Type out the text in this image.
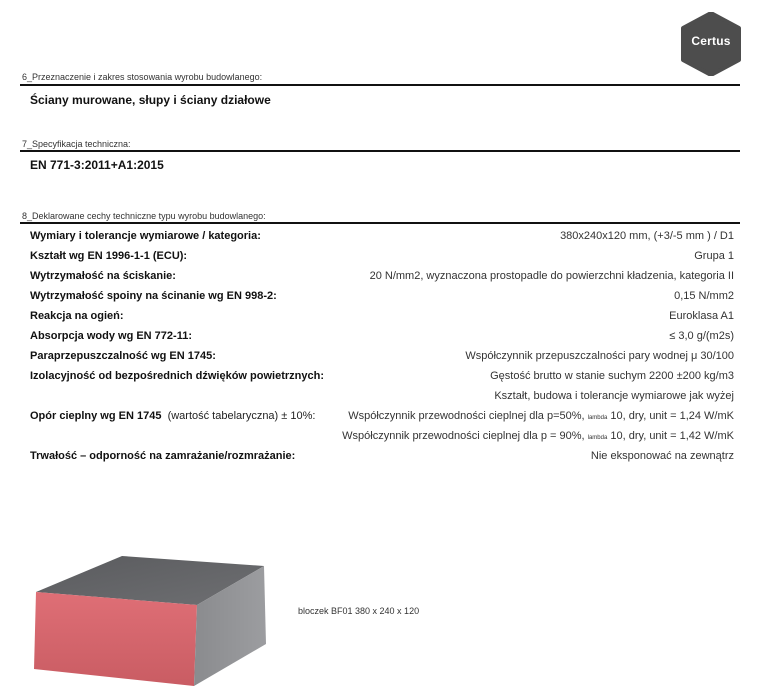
Certus
6_Przeznaczenie i zakres stosowania wyrobu budowlanego:
Ściany murowane, słupy i ściany działowe
7_Specyfikacja techniczna:
EN 771-3:2011+A1:2015
8_Deklarowane cechy techniczne typu wyrobu budowlanego:
Wymiary i tolerancje wymiarowe / kategoria:	380x240x120 mm, (+3/-5 mm ) / D1
Kształt wg EN 1996-1-1 (ECU):	Grupa 1
Wytrzymałość na ściskanie:	20 N/mm2, wyznaczona prostopadle do powierzchni kładzenia, kategoria II
Wytrzymałość spoiny na ścinanie wg EN 998-2:	0,15 N/mm2
Reakcja na ogień:	Euroklasa A1
Absorpcja wody wg EN 772-11:	≤ 3,0 g/(m2s)
Paraprzepuszczalność wg EN 1745:	Współczynnik przepuszczalności pary wodnej μ 30/100
Izolacyjność od bezpośrednich dźwięków powietrznych:	Gęstość brutto w stanie suchym 2200 ±200 kg/m3
Kształt, budowa i tolerancje wymiarowe jak wyżej
Opór cieplny wg EN 1745 (wartość tabelaryczna) ± 10%:	Współczynnik przewodności cieplnej dla p=50%, lambda 10, dry, unit = 1,24 W/mK
Współczynnik przewodności cieplnej dla p = 90%, lambda 10, dry, unit = 1,42 W/mK
Trwałość – odporność na zamrażanie/rozmrażanie:	Nie eksponować na zewnątrz
bloczek BF01 380 x 240 x 120
